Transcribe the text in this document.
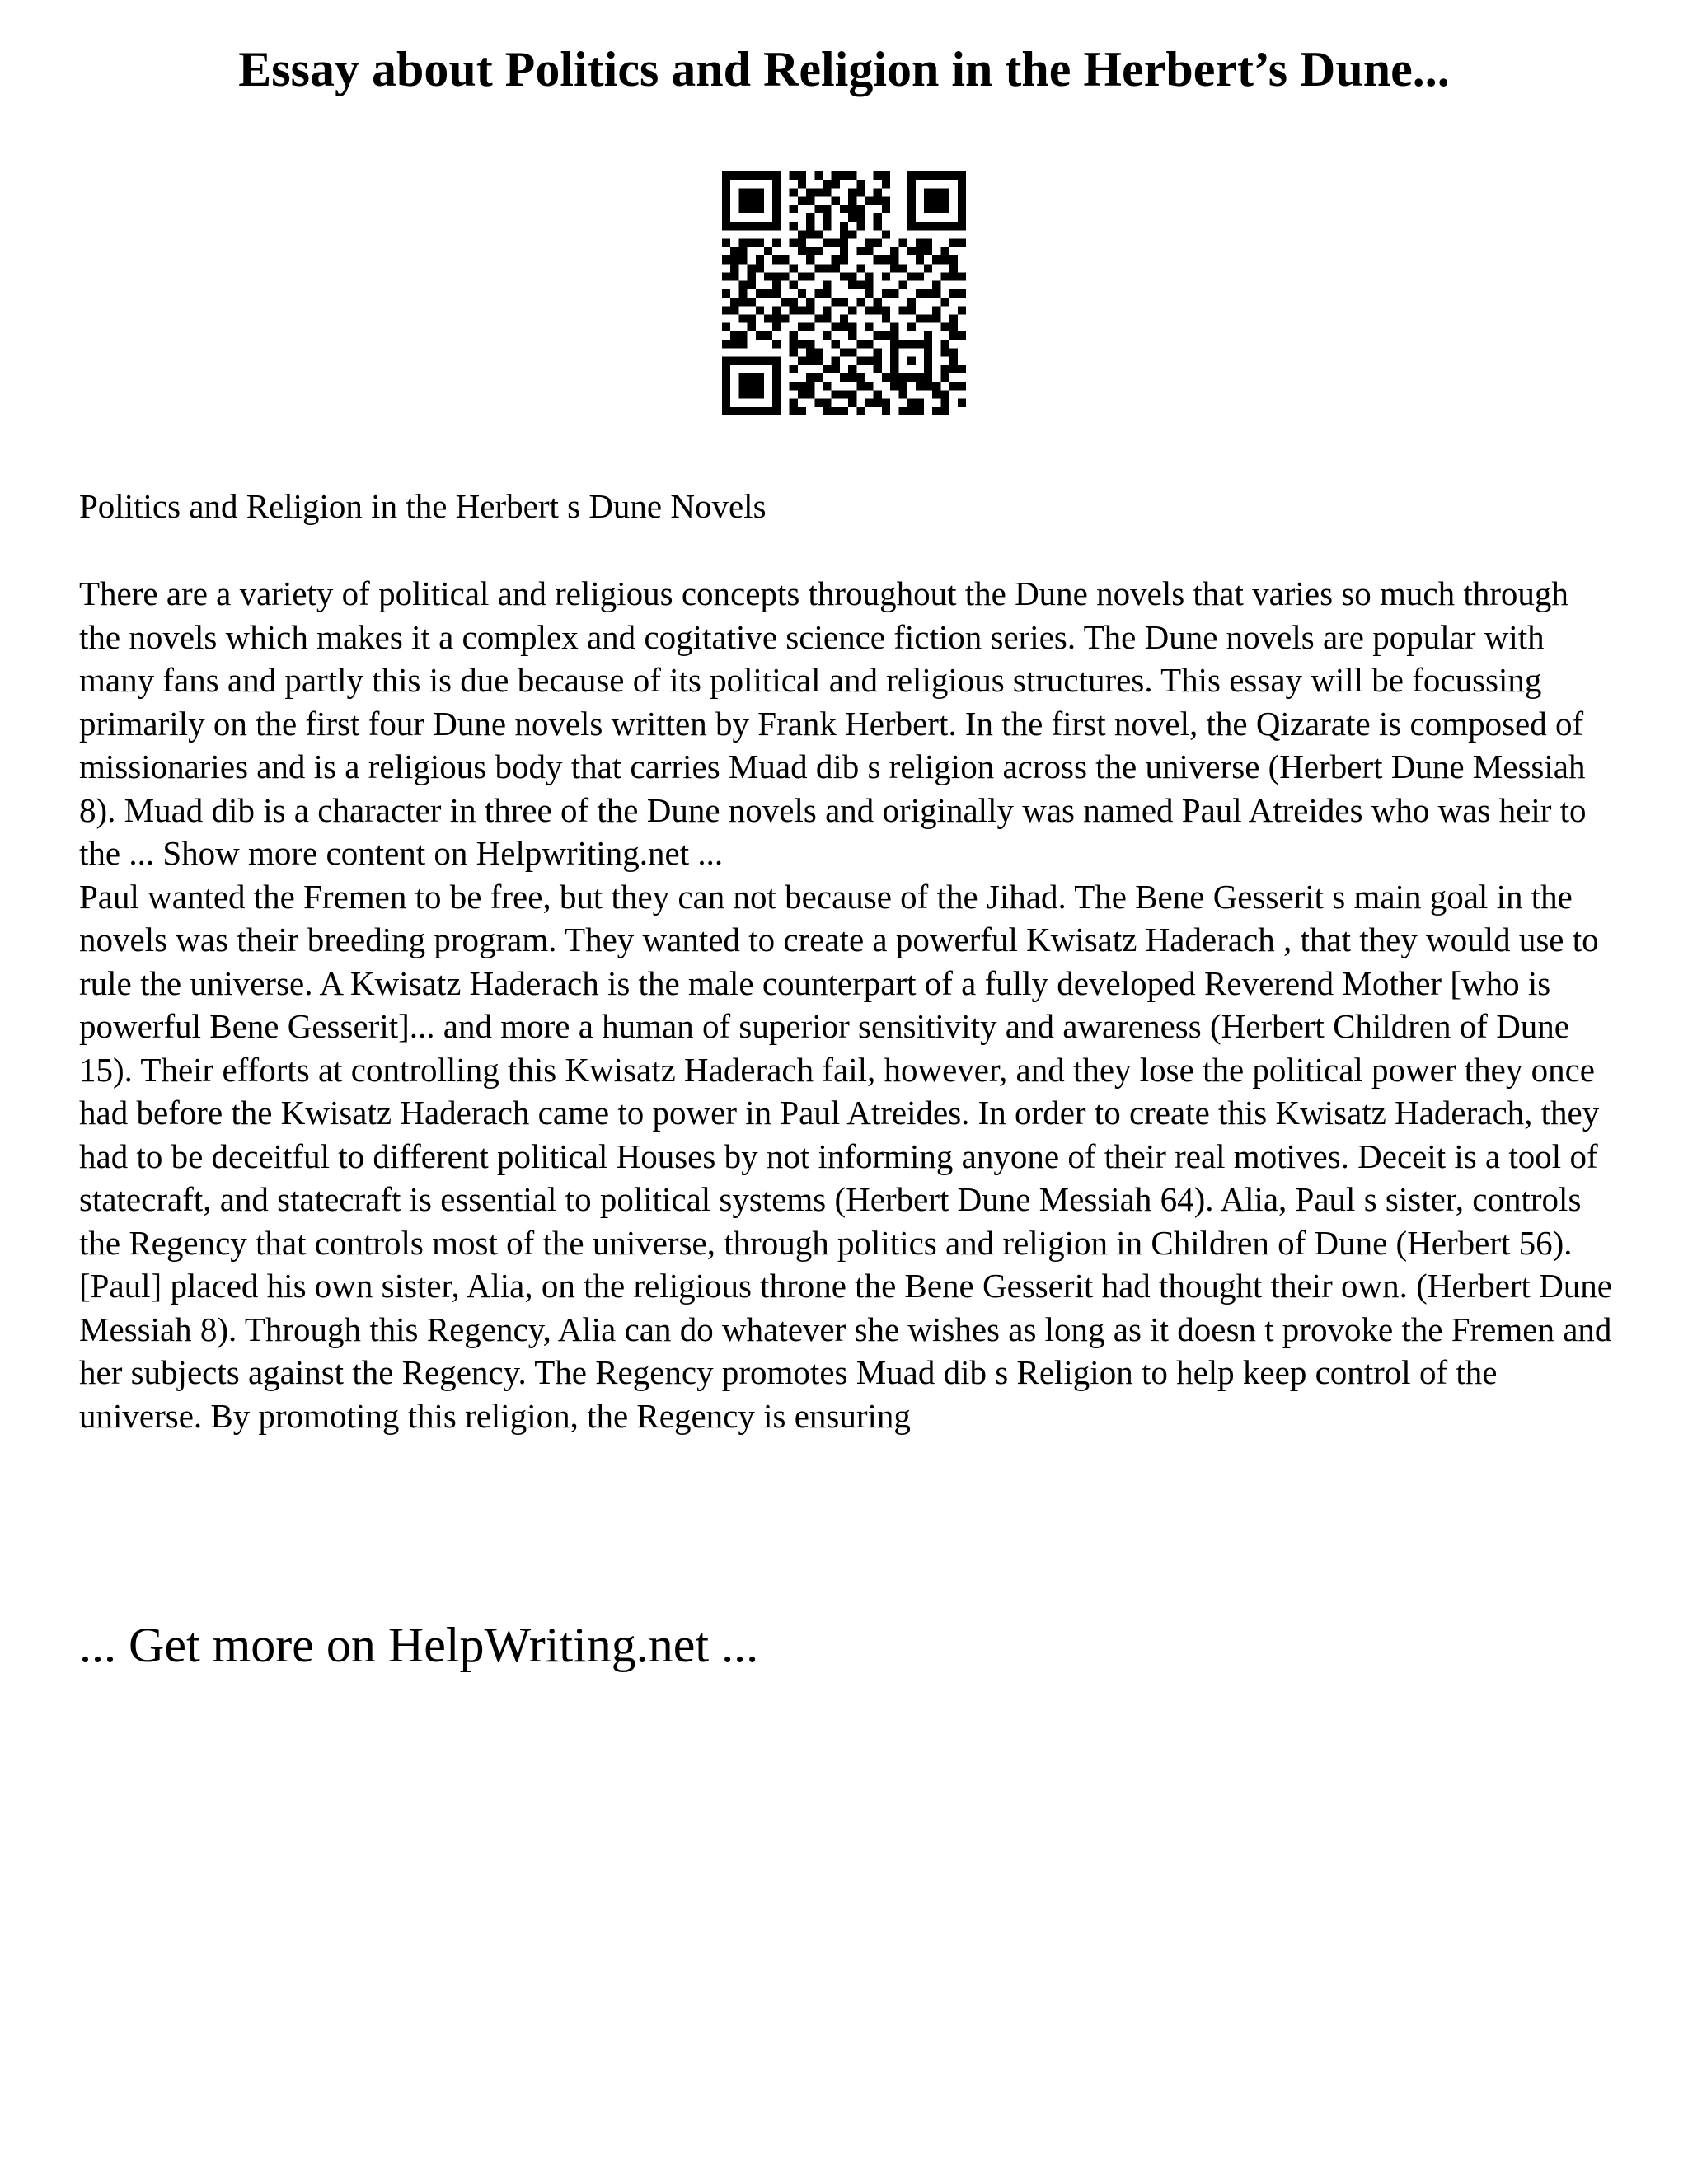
Essay about Politics and Religion in the Herbert’s Dune...

Politics and Religion in the Herbert s Dune Novels

There are a variety of political and religious concepts throughout the Dune novels that varies so much through the novels which makes it a complex and cogitative science fiction series. The Dune novels are popular with many fans and partly this is due because of its political and religious structures. This essay will be focussing primarily on the first four Dune novels written by Frank Herbert. In the first novel, the Qizarate is composed of missionaries and is a religious body that carries Muad dib s religion across the universe (Herbert Dune Messiah 8). Muad dib is a character in three of the Dune novels and originally was named Paul Atreides who was heir to the ... Show more content on Helpwriting.net ...

Paul wanted the Fremen to be free, but they can not because of the Jihad. The Bene Gesserit s main goal in the novels was their breeding program. They wanted to create a powerful Kwisatz Haderach , that they would use to rule the universe. A Kwisatz Haderach is the male counterpart of a fully developed Reverend Mother [who is powerful Bene Gesserit]... and more a human of superior sensitivity and awareness (Herbert Children of Dune 15). Their efforts at controlling this Kwisatz Haderach fail, however, and they lose the political power they once had before the Kwisatz Haderach came to power in Paul Atreides. In order to create this Kwisatz Haderach, they had to be deceitful to different political Houses by not informing anyone of their real motives. Deceit is a tool of statecraft, and statecraft is essential to political systems (Herbert Dune Messiah 64). Alia, Paul s sister, controls the Regency that controls most of the universe, through politics and religion in Children of Dune (Herbert 56). [Paul] placed his own sister, Alia, on the religious throne the Bene Gesserit had thought their own. (Herbert Dune Messiah 8). Through this Regency, Alia can do whatever she wishes as long as it doesn t provoke the Fremen and her subjects against the Regency. The Regency promotes Muad dib s Religion to help keep control of the universe. By promoting this religion, the Regency is ensuring

... Get more on HelpWriting.net ...
